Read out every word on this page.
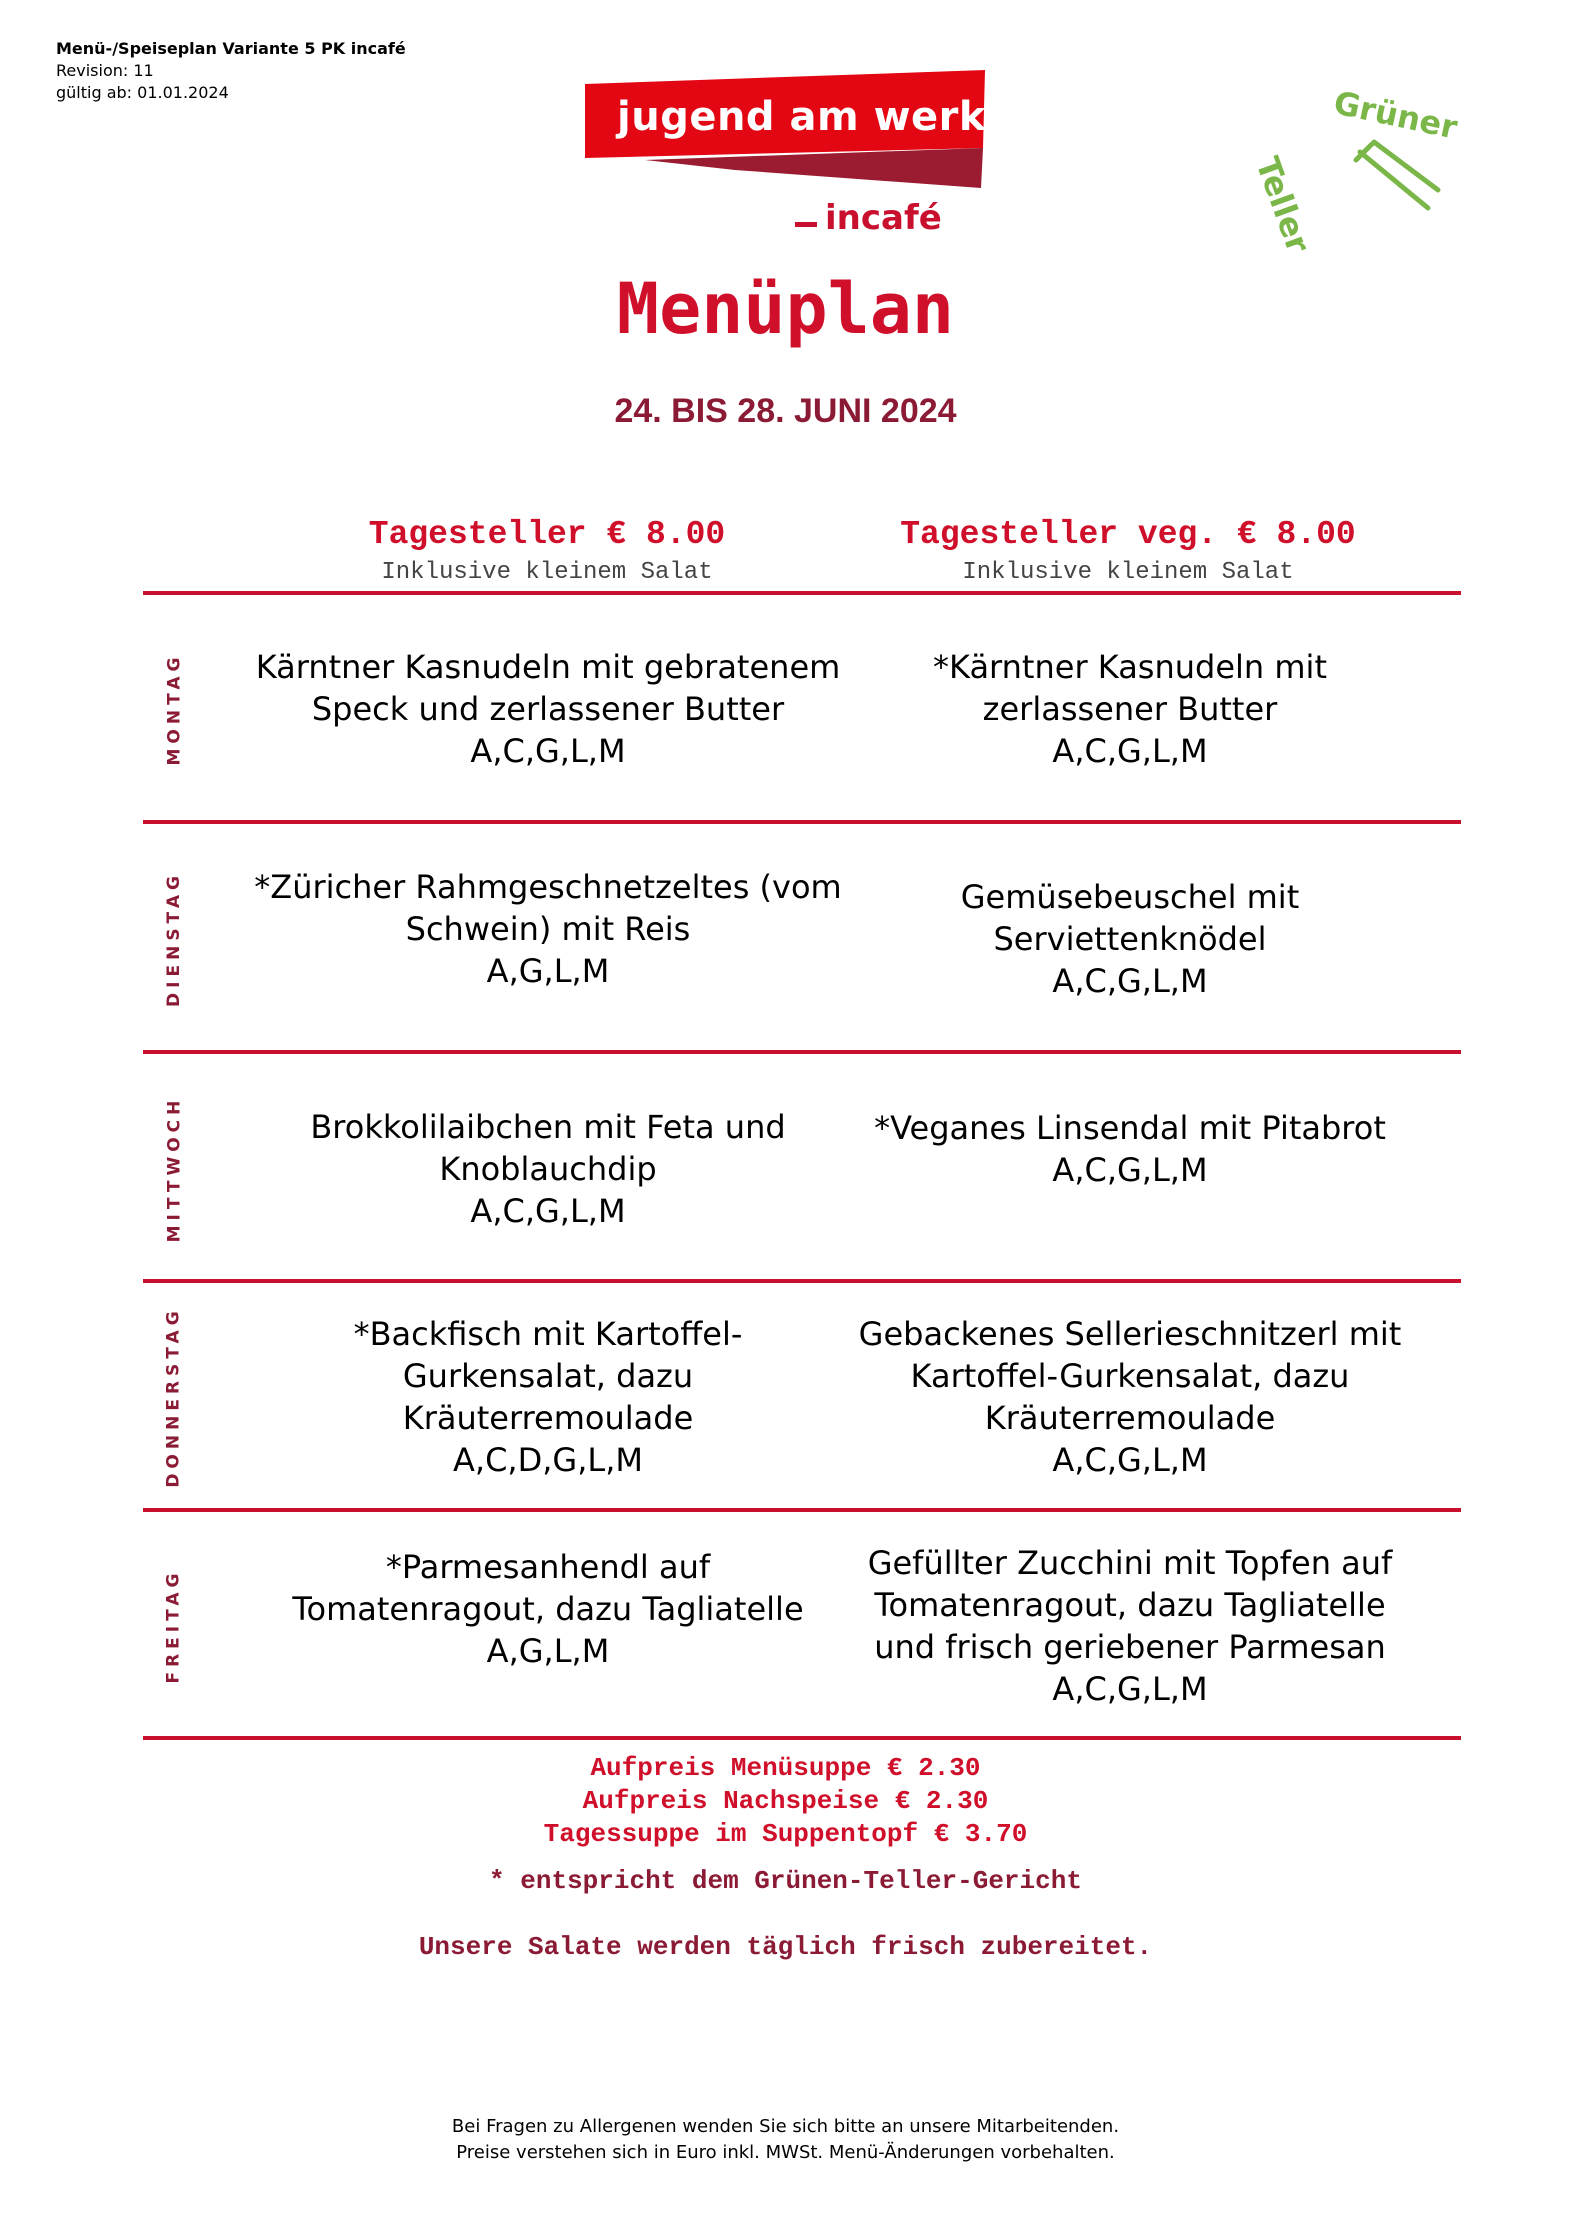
Menü-/Speiseplan Variante 5 PK incafé
Revision: 11
gültig ab: 01.01.2024
jugend am werk
incafé
Grüner
Teller
Menüplan
24. BIS 28. JUNI 2024
Tagesteller € 8.00
Inklusive kleinem Salat
Tagesteller veg. € 8.00
Inklusive kleinem Salat
MONTAG Kärntner Kasnudeln mit gebratenem
Speck und zerlassener Butter
A,C,G,L,M
*Kärntner Kasnudeln mit
zerlassener Butter
A,C,G,L,M
DIENSTAG *Züricher Rahmgeschnetzeltes (vom
Schwein) mit Reis
A,G,L,M
Gemüsebeuschel mit
Serviettenknödel
A,C,G,L,M
MITTWOCH	Brokkolilaibchen mit Feta und
Knoblauchdip
A,C,G,L,M
*Veganes Linsendal mit Pitabrot
A,C,G,L,M
DONNERSTAG	*Backfisch mit Kartoffel-
Gurkensalat, dazu
Kräuterremoulade
A,C,D,G,L,M
Gebackenes Sellerieschnitzerl mit
Kartoffel-Gurkensalat, dazu
Kräuterremoulade
A,C,G,L,M
FREITAG
*Parmesanhendl auf
Tomatenragout, dazu Tagliatelle
A,G,L,M
Gefüllter Zucchini mit Topfen auf
Tomatenragout, dazu Tagliatelle
und frisch geriebener Parmesan
A,C,G,L,M
Aufpreis Menüsuppe € 2.30
Aufpreis Nachspeise € 2.30
Tagessuppe im Suppentopf € 3.70
* entspricht dem Grünen-Teller-Gericht
Unsere Salate werden täglich frisch zubereitet.
Bei Fragen zu Allergenen wenden Sie sich bitte an unsere Mitarbeitenden.
Preise verstehen sich in Euro inkl. MWSt. Menü-Änderungen vorbehalten.
